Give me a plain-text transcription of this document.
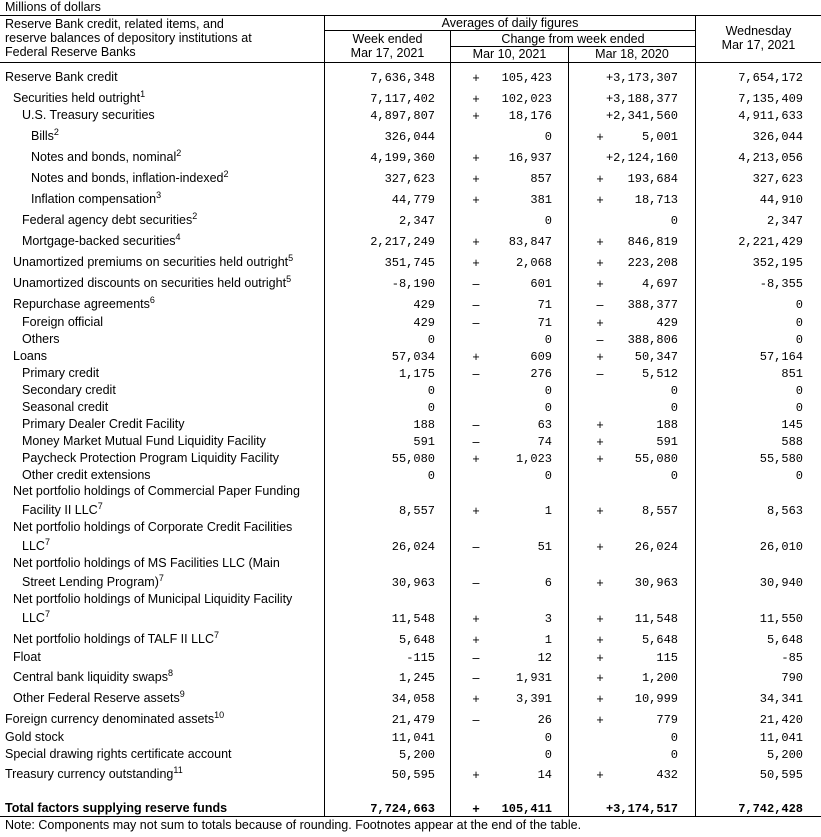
Millions of dollars
Reserve Bank credit, related items, and
reserve balances of depository institutions at
Federal Reserve Banks
Averages of daily figures
Week ended
Mar 17, 2021
Change from week ended
Mar 10, 2021	Mar 18, 2020
Wednesday
Mar 17, 2021
Reserve Bank credit	7,636,348	+	105,423	+3,173,307	7,654,172
Securities held outright$^1$	7,117,402	+	102,023	+3,188,377	7,135,409
U.S. Treasury securities	4,897,807	+	18,176	+2,341,560	4,911,633
Bills$^2$	326,044	0	+	5,001	326,044
Notes and bonds, nominal$^2$	4,199,360	+	16,937	+2,124,160	4,213,056
Notes and bonds, inflation-indexed$^2$	327,623	+	857	+	193,684	327,623
Inflation compensation$^3$	44,779	+	381	+	18,713	44,910
Federal agency debt securities$^2$	2,347	0	0	2,347
Mortgage-backed securities$^4$	2,217,249	+	83,847	+	846,819	2,221,429
Unamortized premiums on securities held outright$^5$	351,745	+	2,068	+	223,208	352,195
Unamortized discounts on securities held outright$^5$	-8,190	–	601	+	4,697	-8,355
Repurchase agreements$^6$	429	–	71	–	388,377	0
Foreign official	429	–	71	+	429	0
Others	0	0	–	388,806	0
Loans	57,034	+	609	+	50,347	57,164
Primary credit	1,175	–	276	–	5,512	851
Secondary credit	0	0	0	0
Seasonal credit	0	0	0	0
Primary Dealer Credit Facility	188	–	63	+	188	145
Money Market Mutual Fund Liquidity Facility	591	–	74	+	591	588
Paycheck Protection Program Liquidity Facility	55,080	+	1,023	+	55,080	55,580
Other credit extensions	0	0	0	0
Net portfolio holdings of Commercial Paper Funding
Facility II LLC$^7$	8,557	+	1	+	8,557	8,563
Net portfolio holdings of Corporate Credit Facilities
LLC$^7$	26,024	–	51	+	26,024	26,010
Net portfolio holdings of MS Facilities LLC (Main
Street Lending Program)$^7$	30,963	–	6	+	30,963	30,940
Net portfolio holdings of Municipal Liquidity Facility
LLC$^7$	11,548	+	3	+	11,548	11,550
Net portfolio holdings of TALF II LLC$^7$	5,648	+	1	+	5,648	5,648
Float	-115	–	12	+	115	-85
Central bank liquidity swaps$^8$	1,245	–	1,931	+	1,200	790
Other Federal Reserve assets$^9$	34,058	+	3,391	+	10,999	34,341
Foreign currency denominated assets$^{10}$	21,479	–	26	+	779	21,420
Gold stock	11,041	0	0	11,041
Special drawing rights certificate account	5,200	0	0	5,200
Treasury currency outstanding$^{11}$	50,595	+	14	+	432	50,595
Total factors supplying reserve funds	7,724,663	+	105,411	+3,174,517	7,742,428
Note: Components may not sum to totals because of rounding. Footnotes appear at the end of the table.
